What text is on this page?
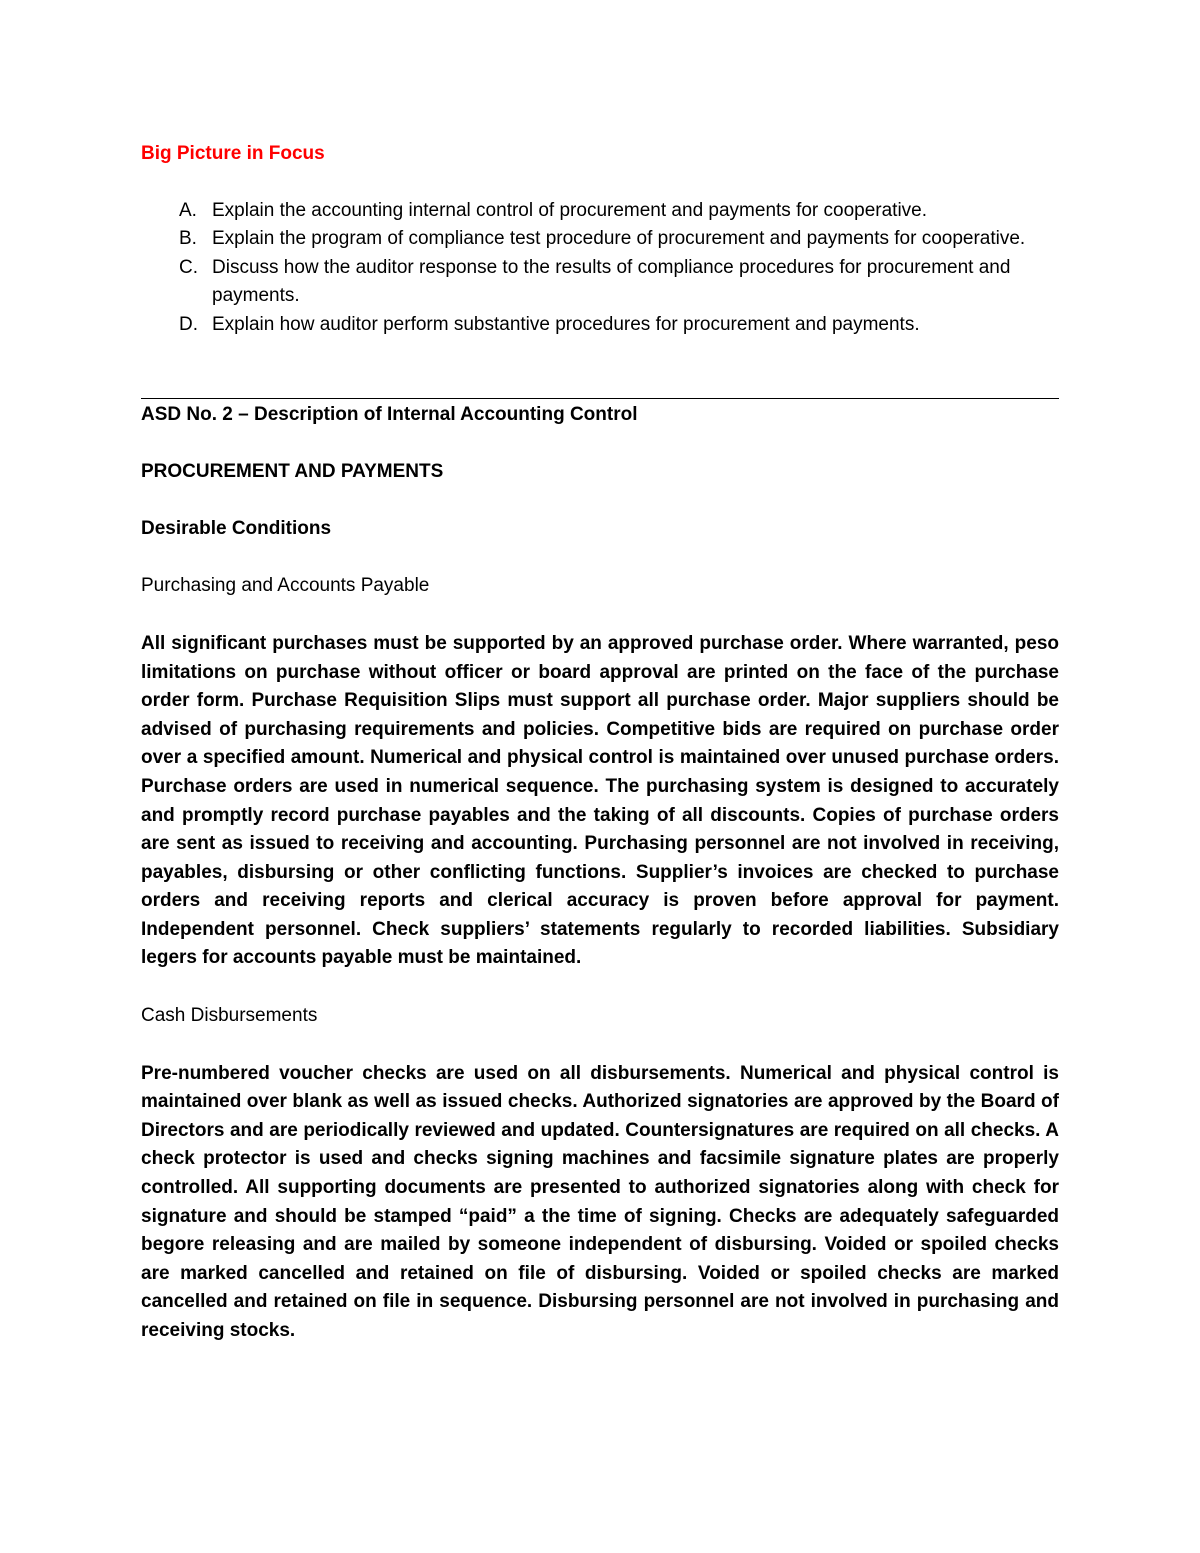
Big Picture in Focus
A. Explain the accounting internal control of procurement and payments for cooperative.
B. Explain the program of compliance test procedure of procurement and payments for cooperative.
C. Discuss how the auditor response to the results of compliance procedures for procurement and payments.
D. Explain how auditor perform substantive procedures for procurement and payments.
ASD No. 2 – Description of Internal Accounting Control
PROCUREMENT AND PAYMENTS
Desirable Conditions
Purchasing and Accounts Payable

All significant purchases must be supported by an approved purchase order. Where warranted, peso limitations on purchase without officer or board approval are printed on the face of the purchase order form. Purchase Requisition Slips must support all purchase order. Major suppliers should be advised of purchasing requirements and policies. Competitive bids are required on purchase order over a specified amount. Numerical and physical control is maintained over unused purchase orders. Purchase orders are used in numerical sequence. The purchasing system is designed to accurately and promptly record purchase payables and the taking of all discounts. Copies of purchase orders are sent as issued to receiving and accounting. Purchasing personnel are not involved in receiving, payables, disbursing or other conflicting functions. Supplier’s invoices are checked to purchase orders and receiving reports and clerical accuracy is proven before approval for payment. Independent personnel. Check suppliers’ statements regularly to recorded liabilities. Subsidiary legers for accounts payable must be maintained.

Cash Disbursements

Pre-numbered voucher checks are used on all disbursements. Numerical and physical control is maintained over blank as well as issued checks. Authorized signatories are approved by the Board of Directors and are periodically reviewed and updated. Countersignatures are required on all checks. A check protector is used and checks signing machines and facsimile signature plates are properly controlled. All supporting documents are presented to authorized signatories along with check for signature and should be stamped “paid” a the time of signing. Checks are adequately safeguarded begore releasing and are mailed by someone independent of disbursing. Voided or spoiled checks are marked cancelled and retained on file of disbursing. Voided or spoiled checks are marked cancelled and retained on file in sequence. Disbursing personnel are not involved in purchasing and receiving stocks.
